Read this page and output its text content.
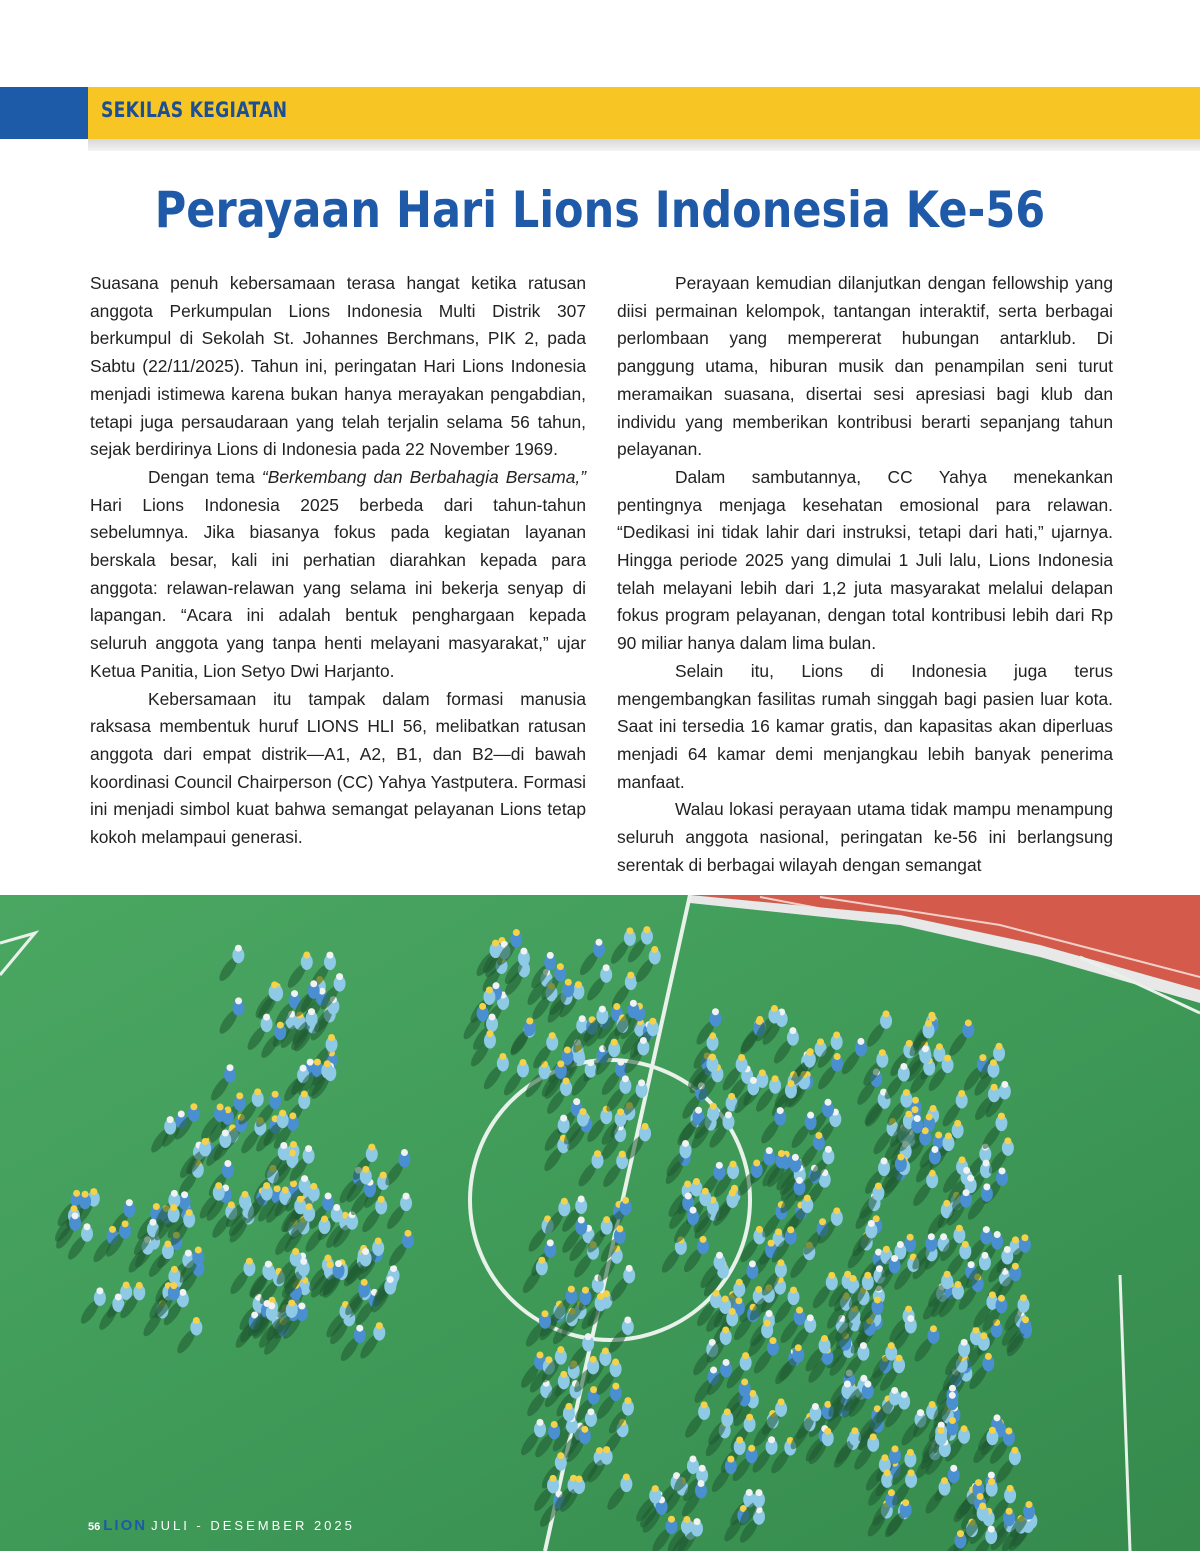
SEKILAS KEGIATAN
Perayaan Hari Lions Indonesia Ke-56

Suasana penuh kebersamaan terasa hangat ketika ratusan anggota Perkumpulan Lions Indonesia Multi Distrik 307 berkumpul di Sekolah St. Johannes Berchmans, PIK 2, pada Sabtu (22/11/2025). Tahun ini, peringatan Hari Lions Indonesia menjadi istimewa karena bukan hanya merayakan pengabdian, tetapi juga persaudaraan yang telah terjalin selama 56 tahun, sejak berdirinya Lions di Indonesia pada 22 November 1969.

Dengan tema “Berkembang dan Berbahagia Bersama,” Hari Lions Indonesia 2025 berbeda dari tahun-tahun sebelumnya. Jika biasanya fokus pada kegiatan layanan berskala besar, kali ini perhatian diarahkan kepada para anggota: relawan-relawan yang selama ini bekerja senyap di lapangan. “Acara ini adalah bentuk penghargaan kepada seluruh anggota yang tanpa henti melayani masyarakat,” ujar Ketua Panitia, Lion Setyo Dwi Harjanto.

Kebersamaan itu tampak dalam formasi manusia raksasa membentuk huruf LIONS HLI 56, melibatkan ratusan anggota dari empat distrik—A1, A2, B1, dan B2—di bawah koordinasi Council Chairperson (CC) Yahya Yastputera. Formasi ini menjadi simbol kuat bahwa semangat pelayanan Lions tetap kokoh melampaui generasi.

Perayaan kemudian dilanjutkan dengan fellowship yang diisi permainan kelompok, tantangan interaktif, serta berbagai perlombaan yang mempererat hubungan antarklub. Di panggung utama, hiburan musik dan penampilan seni turut meramaikan suasana, disertai sesi apresiasi bagi klub dan individu yang memberikan kontribusi berarti sepanjang tahun pelayanan.

Dalam sambutannya, CC Yahya menekankan pentingnya menjaga kesehatan emosional para relawan. “Dedikasi ini tidak lahir dari instruksi, tetapi dari hati,” ujarnya. Hingga periode 2025 yang dimulai 1 Juli lalu, Lions Indonesia telah melayani lebih dari 1,2 juta masyarakat melalui delapan fokus program pelayanan, dengan total kontribusi lebih dari Rp 90 miliar hanya dalam lima bulan.

Selain itu, Lions di Indonesia juga terus mengembangkan fasilitas rumah singgah bagi pasien luar kota. Saat ini tersedia 16 kamar gratis, dan kapasitas akan diperluas menjadi 64 kamar demi menjangkau lebih banyak penerima manfaat.

Walau lokasi perayaan utama tidak mampu menampung seluruh anggota nasional, peringatan ke-56 ini berlangsung serentak di berbagai wilayah dengan semangat

56 LION JULI - DESEMBER 2025
